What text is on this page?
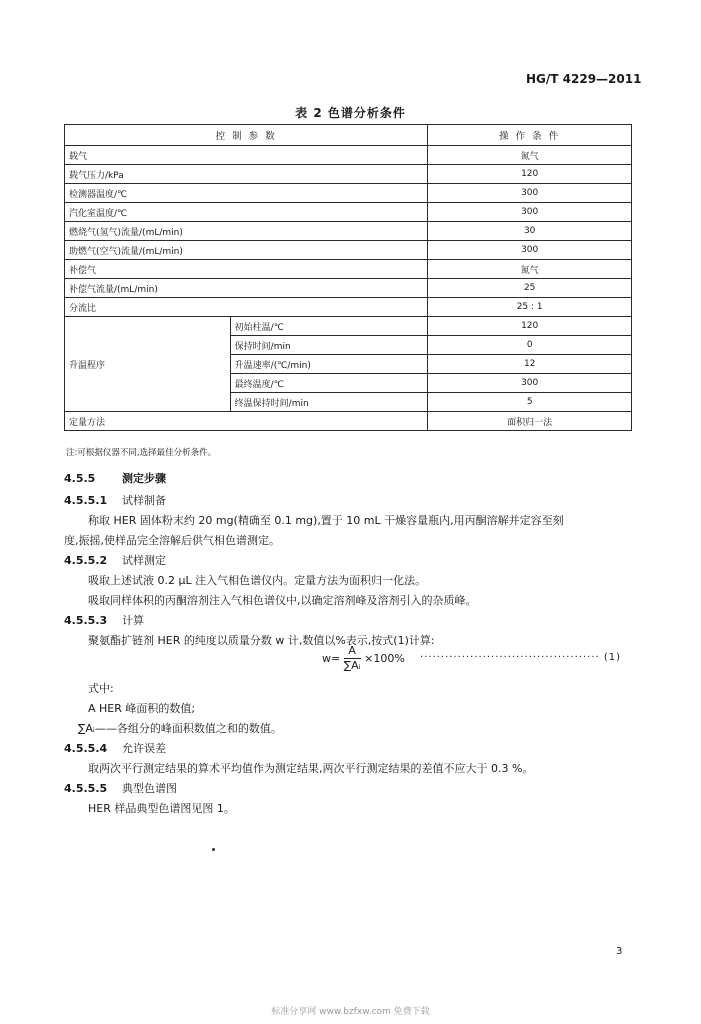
HG/T 4229—2011
表 2 色谱分析条件
控 制 参 数		操 作 条 件
载气		氮气
载气压力/kPa		120
检测器温度/℃		300
汽化室温度/℃		300
燃烧气(氢气)流量/(mL/min)		30
助燃气(空气)流量/(mL/min)		300
补偿气		氮气
补偿气流量/(mL/min)		25
分流比		25 : 1
升温程序	初始柱温/℃	120
	保持时间/min	0
	升温速率/(℃/min)	12
	最终温度/℃	300
	终温保持时间/min	5
定量方法		面积归一法
注:可根据仪器不同,选择最佳分析条件。
4.5.5 测定步骤
4.5.5.1 试样制备
称取 HER 固体粉末约 20 mg(精确至 0.1 mg),置于 10 mL 干燥容量瓶内,用丙酮溶解并定容至刻
度,振摇,使样品完全溶解后供气相色谱测定。
4.5.5.2 试样测定
吸取上述试液 0.2 μL 注入气相色谱仪内。定量方法为面积归一化法。
吸取同样体积的丙酮溶剂注入气相色谱仪中,以确定溶剂峰及溶剂引入的杂质峰。
4.5.5.3 计算
聚氨酯扩链剂 HER 的纯度以质量分数 w 计,数值以%表示,按式(1)计算:
$w= \frac{A}{\text{∑Aᵢ}} \times 100\%$ ··········································· (1)
式中:
A HER 峰面积的数值;
∑Aᵢ——各组分的峰面积数值之和的数值。
4.5.5.4 允许误差
取两次平行测定结果的算术平均值作为测定结果,两次平行测定结果的差值不应大于 0.3 %。
4.5.5.5 典型色谱图
HER 样品典型色谱图见图 1。
3
标准分享网 www.bzfxw.com 免费下载
